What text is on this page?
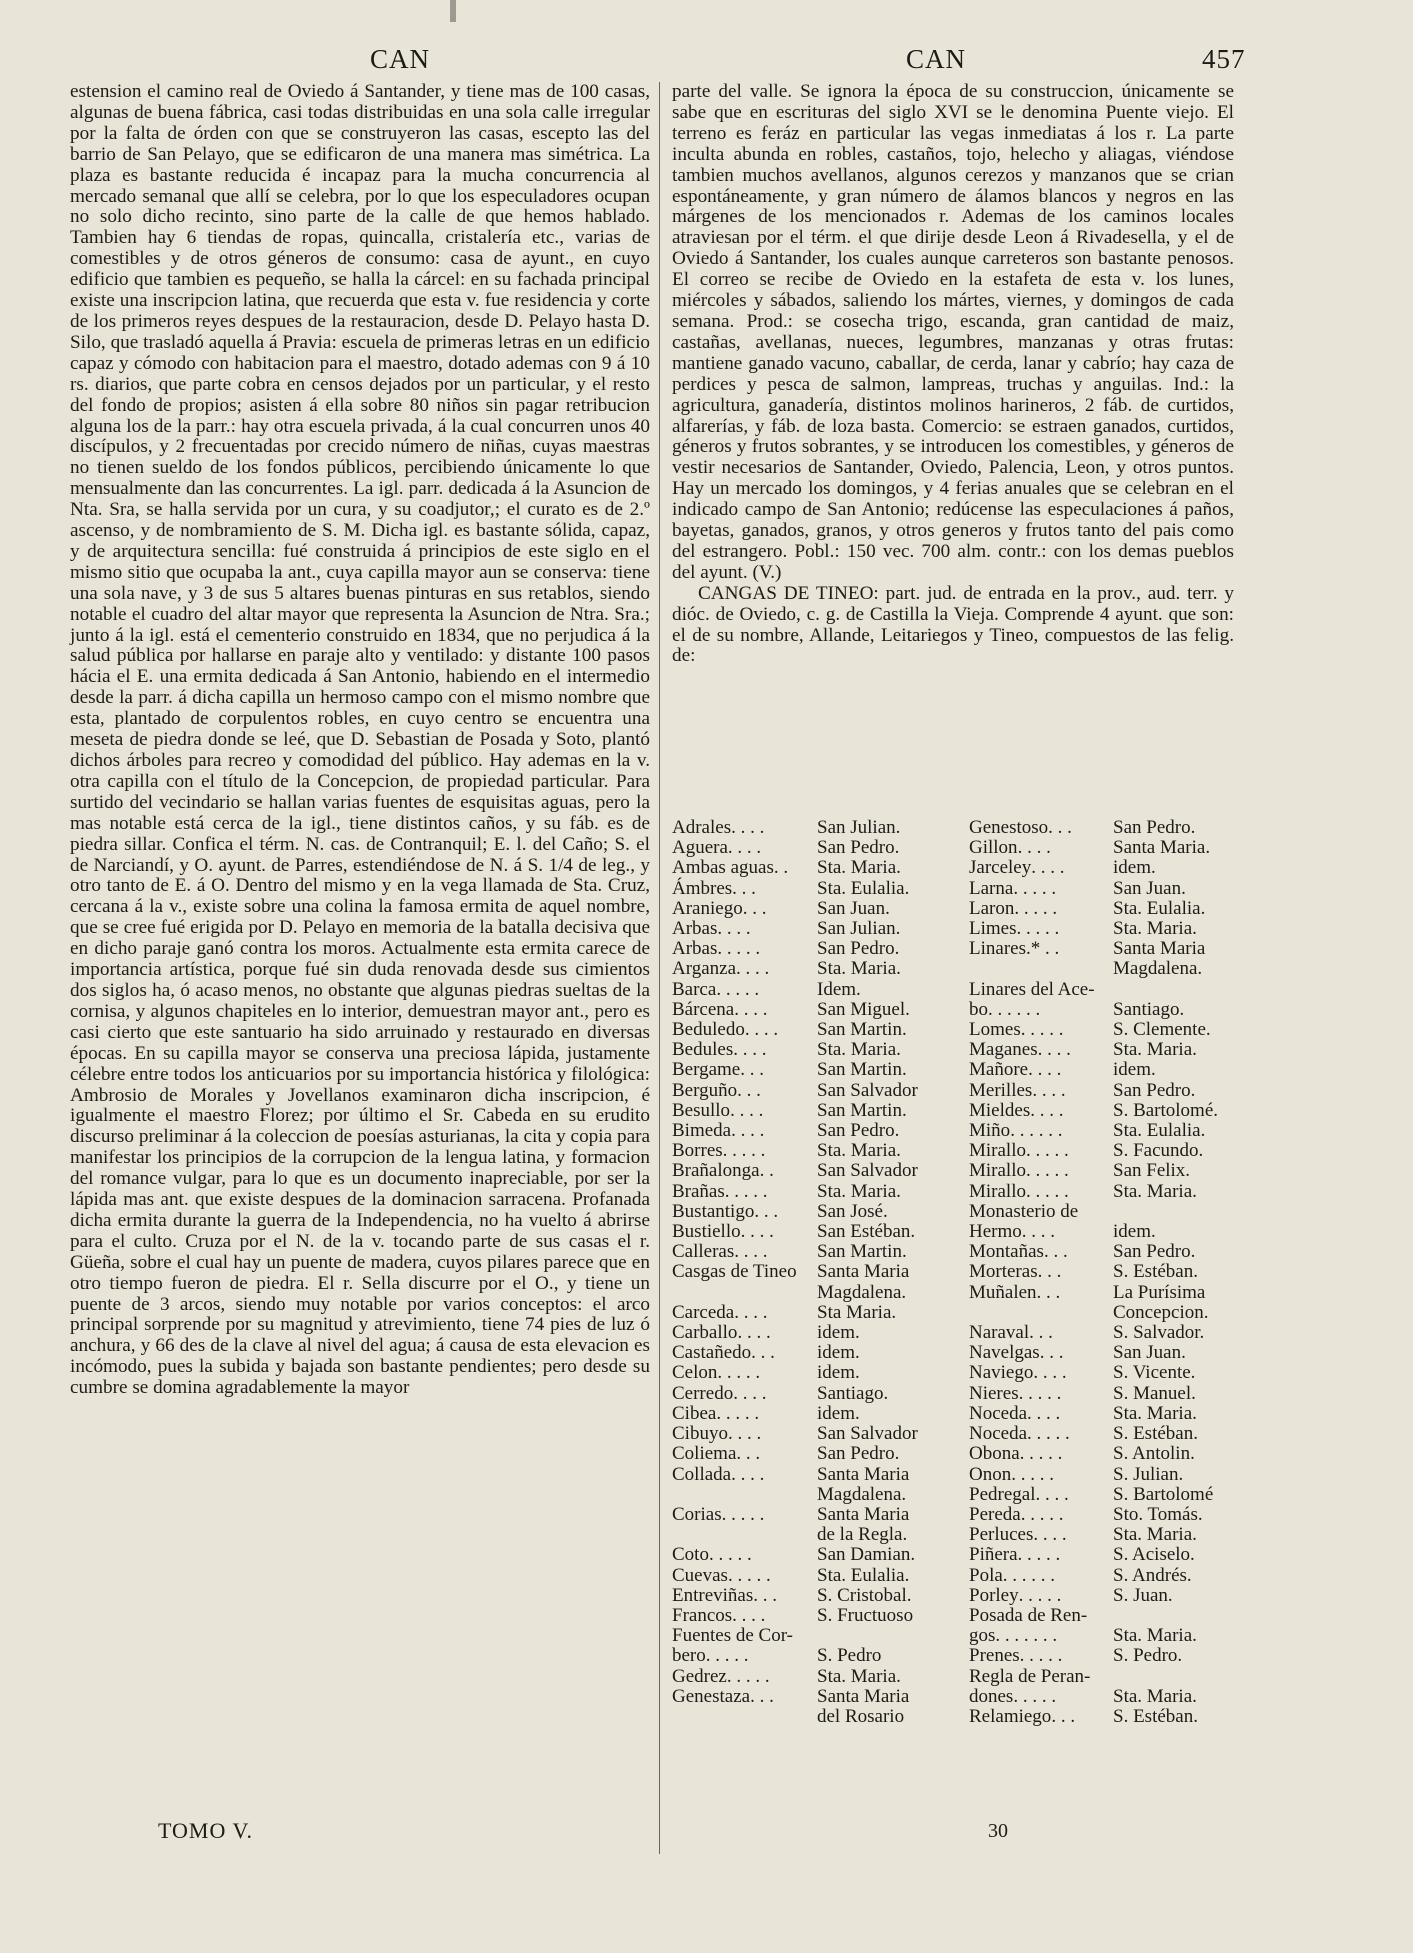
CAN	CAN	457

estension el camino real de Oviedo á Santander, y tiene mas de 100 casas, algunas de buena fábrica, casi todas distribuidas en una sola calle irregular por la falta de órden con que se construyeron las casas, escepto las del barrio de San Pelayo, que se edificaron de una manera mas simétrica. La plaza es bastante reducida é incapaz para la mucha concurrencia al mercado semanal que allí se celebra, por lo que los especuladores ocupan no solo dicho recinto, sino parte de la calle de que hemos hablado. Tambien hay 6 tiendas de ropas, quincalla, cristalería etc., varias de comestibles y de otros géneros de consumo: casa de ayunt., en cuyo edificio que tambien es pequeño, se halla la cárcel: en su fachada principal existe una inscripcion latina, que recuerda que esta v. fue residencia y corte de los primeros reyes despues de la restauracion, desde D. Pelayo hasta D. Silo, que trasladó aquella á Pravia: escuela de primeras letras en un edificio capaz y cómodo con habitacion para el maestro, dotado ademas con 9 á 10 rs. diarios, que parte cobra en censos dejados por un particular, y el resto del fondo de propios; asisten á ella sobre 80 niños sin pagar retribucion alguna los de la parr.: hay otra escuela privada, á la cual concurren unos 40 discípulos, y 2 frecuentadas por crecido número de niñas, cuyas maestras no tienen sueldo de los fondos públicos, percibiendo únicamente lo que mensualmente dan las concurrentes. La igl. parr. dedicada á la Asuncion de Nta. Sra, se halla servida por un cura, y su coadjutor,; el curato es de 2.º ascenso, y de nombramiento de S. M. Dicha igl. es bastante sólida, capaz, y de arquitectura sencilla: fué construida á principios de este siglo en el mismo sitio que ocupaba la ant., cuya capilla mayor aun se conserva: tiene una sola nave, y 3 de sus 5 altares buenas pinturas en sus retablos, siendo notable el cuadro del altar mayor que representa la Asuncion de Ntra. Sra.; junto á la igl. está el cementerio construido en 1834, que no perjudica á la salud pública por hallarse en paraje alto y ventilado: y distante 100 pasos hácia el E. una ermita dedicada á San Antonio, habiendo en el intermedio desde la parr. á dicha capilla un hermoso campo con el mismo nombre que esta, plantado de corpulentos robles, en cuyo centro se encuentra una meseta de piedra donde se leé, que D. Sebastian de Posada y Soto, plantó dichos árboles para recreo y comodidad del público. Hay ademas en la v. otra capilla con el título de la Concepcion, de propiedad particular. Para surtido del vecindario se hallan varias fuentes de esquisitas aguas, pero la mas notable está cerca de la igl., tiene distintos caños, y su fáb. es de piedra sillar. Confica el térm. N. cas. de Contranquil; E. l. del Caño; S. el de Narciandí, y O. ayunt. de Parres, estendiéndose de N. á S. 1/4 de leg., y otro tanto de E. á O. Dentro del mismo y en la vega llamada de Sta. Cruz, cercana á la v., existe sobre una colina la famosa ermita de aquel nombre, que se cree fué erigida por D. Pelayo en memoria de la batalla decisiva que en dicho paraje ganó contra los moros. Actualmente esta ermita carece de importancia artística, porque fué sin duda renovada desde sus cimientos dos siglos ha, ó acaso menos, no obstante que algunas piedras sueltas de la cornisa, y algunos chapiteles en lo interior, demuestran mayor ant., pero es casi cierto que este santuario ha sido arruinado y restaurado en diversas épocas. En su capilla mayor se conserva una preciosa lápida, justamente célebre entre todos los anticuarios por su importancia histórica y filológica: Ambrosio de Morales y Jovellanos examinaron dicha inscripcion, é igualmente el maestro Florez; por último el Sr. Cabeda en su erudito discurso preliminar á la coleccion de poesías asturianas, la cita y copia para manifestar los principios de la corrupcion de la lengua latina, y formacion del romance vulgar, para lo que es un documento inapreciable, por ser la lápida mas ant. que existe despues de la dominacion sarracena. Profanada dicha ermita durante la guerra de la Independencia, no ha vuelto á abrirse para el culto. Cruza por el N. de la v. tocando parte de sus casas el r. Güeña, sobre el cual hay un puente de madera, cuyos pilares parece que en otro tiempo fueron de piedra. El r. Sella discurre por el O., y tiene un puente de 3 arcos, siendo muy notable por varios conceptos: el arco principal sorprende por su magnitud y atrevimiento, tiene 74 pies de luz ó anchura, y 66 des de la clave al nivel del agua; á causa de esta elevacion es incómodo, pues la subida y bajada son bastante pendientes; pero desde su cumbre se domina agradablemente la mayor

parte del valle. Se ignora la época de su construccion, únicamente se sabe que en escrituras del siglo XVI se le denomina Puente viejo. El terreno es feráz en particular las vegas inmediatas á los r. La parte inculta abunda en robles, castaños, tojo, helecho y aliagas, viéndose tambien muchos avellanos, algunos cerezos y manzanos que se crian espontáneamente, y gran número de álamos blancos y negros en las márgenes de los mencionados r. Ademas de los caminos locales atraviesan por el térm. el que dirije desde Leon á Rivadesella, y el de Oviedo á Santander, los cuales aunque carreteros son bastante penosos. El correo se recibe de Oviedo en la estafeta de esta v. los lunes, miércoles y sábados, saliendo los mártes, viernes, y domingos de cada semana. Prod.: se cosecha trigo, escanda, gran cantidad de maiz, castañas, avellanas, nueces, legumbres, manzanas y otras frutas: mantiene ganado vacuno, caballar, de cerda, lanar y cabrío; hay caza de perdices y pesca de salmon, lampreas, truchas y anguilas. Ind.: la agricultura, ganadería, distintos molinos harineros, 2 fáb. de curtidos, alfarerías, y fáb. de loza basta. Comercio: se estraen ganados, curtidos, géneros y frutos sobrantes, y se introducen los comestibles, y géneros de vestir necesarios de Santander, Oviedo, Palencia, Leon, y otros puntos. Hay un mercado los domingos, y 4 ferias anuales que se celebran en el indicado campo de San Antonio; redúcense las especulaciones á paños, bayetas, ganados, granos, y otros generos y frutos tanto del pais como del estrangero. Pobl.: 150 vec. 700 alm. contr.: con los demas pueblos del ayunt. (V.)

CANGAS DE TINEO: part. jud. de entrada en la prov., aud. terr. y dióc. de Oviedo, c. g. de Castilla la Vieja. Comprende 4 ayunt. que son: el de su nombre, Allande, Leitariegos y Tineo, compuestos de las felig. de:

Adrales . . . .	San Julian.
Aguera . . . .	San Pedro.
Ambas aguas . .	Sta. Maria.
Ámbres . . .	Sta. Eulalia.
Araniego . . .	San Juan.
Arbas . . . .	San Julian.
Arbas . . . . .	San Pedro.
Arganza . . . .	Sta. Maria.
Barca . . . . .	Idem.
Bárcena . . . .	San Miguel.
Beduledo . . . .	San Martin.
Bedules . . . .	Sta. Maria.
Bergame . . .	San Martin.
Berguño . . .	San Salvador
Besullo . . . .	San Martin.
Bimeda . . . .	San Pedro.
Borres . . . . .	Sta. Maria.
Brañalonga . .	San Salvador
Brañas . . . . .	Sta. Maria.
Bustantigo . . .	San José.
Bustiello . . . .	San Estéban.
Calleras . . . .	San Martin.
Casgas de Tineo Santa Maria
Magdalena.
Carceda . . . .	Sta Maria.
Carballo . . . .	idem.
Castañedo . . .	idem.
Celon . . . . .	idem.
Cerredo . . . .	Santiago.
Cibea . . . . .	idem.
Cibuyo . . . .	San Salvador
Coliema . . .	San Pedro.
Collada . . . .	Santa Maria
Magdalena.
Corias . . . . .	Santa Maria
de la Regla.
Coto . . . . .	San Damian.
Cuevas . . . . .	Sta. Eulalia.
Entreviñas . . .	S. Cristobal.
Francos . . . .	S. Fructuoso
Fuentes de Cor-
bero . . . . .	S. Pedro
Gedrez . . . . .	Sta. Maria.
Genestaza . . .	Santa Maria
del Rosario
Genestoso . . .	San Pedro.
Gillon . . . .	Santa Maria.
Jarceley . . . .	idem.
Larna . . . . .	San Juan.
Laron . . . . .	Sta. Eulalia.
Limes . . . . .	Sta. Maria.
Linares .* . .	Santa Maria
Magdalena.
Linares del Ace-
bo . . . . . .	Santiago.
Lomes . . . . .	S. Clemente.
Maganes . . . .	Sta. Maria.
Mañore . . . .	idem.
Merilles . . . .	San Pedro.
Mieldes . . . .	S. Bartolomé.
Miño . . . . . .	Sta. Eulalia.
Mirallo . . . . .	S. Facundo.
Mirallo . . . . .	San Felix.
Mirallo . . . . .	Sta. Maria.
Monasterio de
Hermo . . . .	idem.
Montañas . . .	San Pedro.
Morteras . . .	S. Estéban.
Muñalen . . .	La Purísima
Concepcion.
Naraval . . .	S. Salvador.
Navelgas . . .	San Juan.
Naviego . . . .	S. Vicente.
Nieres . . . . .	S. Manuel.
Noceda . . . .	Sta. Maria.
Noceda . . . . .	S. Estéban.
Obona . . . . .	S. Antolin.
Onon . . . . .	S. Julian.
Pedregal . . . .	S. Bartolomé
Pereda . . . . .	Sto. Tomás.
Perluces . . . .	Sta. Maria.
Piñera . . . . .	S. Aciselo.
Pola . . . . . .	S. Andrés.
Porley . . . . .	S. Juan.
Posada de Ren-
gos . . . . . . .	Sta. Maria.
Prenes . . . . .	S. Pedro.
Regla de Peran-
dones . . . . .	Sta. Maria.
Relamiego . . .	S. Estéban.
TOMO V.	30
